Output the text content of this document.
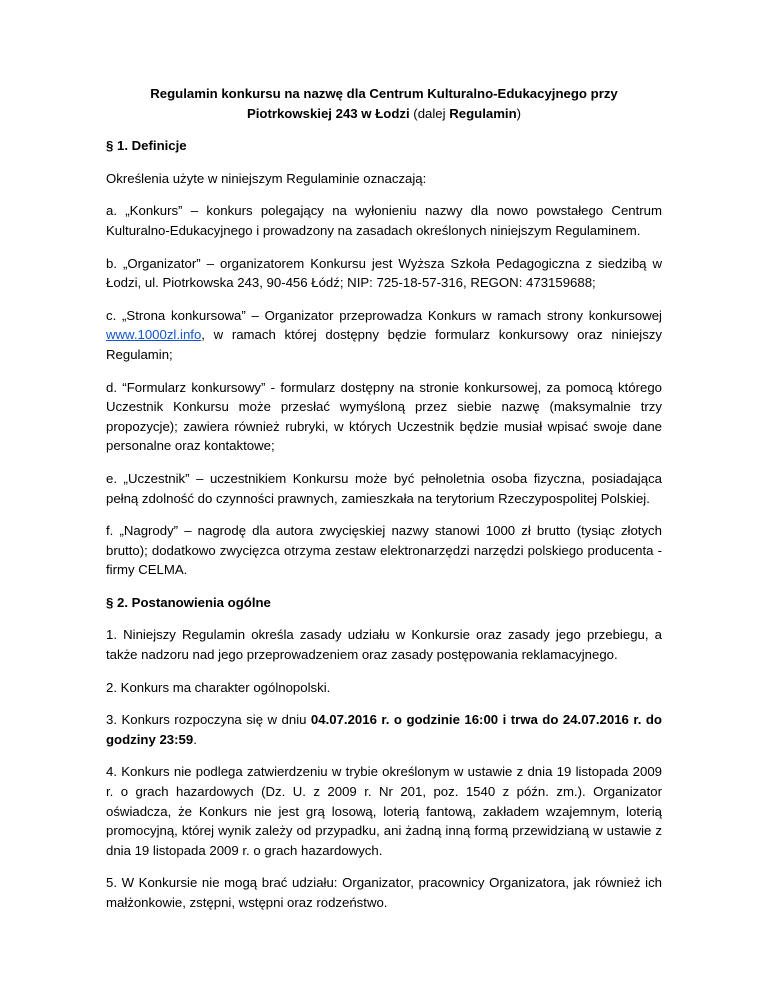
Regulamin konkursu na nazwę dla Centrum Kulturalno-Edukacyjnego przy Piotrkowskiej 243 w Łodzi (dalej Regulamin)
§ 1. Definicje
Określenia użyte w niniejszym Regulaminie oznaczają:
a. „Konkurs” – konkurs polegający na wyłonieniu nazwy dla nowo powstałego Centrum Kulturalno-Edukacyjnego i prowadzony na zasadach określonych niniejszym Regulaminem.
b. „Organizator” – organizatorem Konkursu jest Wyższa Szkoła Pedagogiczna z siedzibą w Łodzi, ul. Piotrkowska 243, 90-456 Łódź; NIP: 725-18-57-316, REGON: 473159688;
c. „Strona konkursowa” – Organizator przeprowadza Konkurs w ramach strony konkursowej www.1000zl.info, w ramach której dostępny będzie formularz konkursowy oraz niniejszy Regulamin;
d. “Formularz konkursowy” - formularz dostępny na stronie konkursowej, za pomocą którego Uczestnik Konkursu może przesłać wymyśloną przez siebie nazwę (maksymalnie trzy propozycje); zawiera również rubryki, w których Uczestnik będzie musiał wpisać swoje dane personalne oraz kontaktowe;
e. „Uczestnik” – uczestnikiem Konkursu może być pełnoletnia osoba fizyczna, posiadająca pełną zdolność do czynności prawnych, zamieszkała na terytorium Rzeczypospolitej Polskiej.
f. „Nagrody” – nagrodę dla autora zwycięskiej nazwy stanowi 1000 zł brutto (tysiąc złotych brutto); dodatkowo zwycięzca otrzyma zestaw elektronarzędzi narzędzi polskiego producenta - firmy CELMA.
§ 2. Postanowienia ogólne
1. Niniejszy Regulamin określa zasady udziału w Konkursie oraz zasady jego przebiegu, a także nadzoru nad jego przeprowadzeniem oraz zasady postępowania reklamacyjnego.
2. Konkurs ma charakter ogólnopolski.
3. Konkurs rozpoczyna się w dniu 04.07.2016 r. o godzinie 16:00 i trwa do 24.07.2016 r. do godziny 23:59.
4. Konkurs nie podlega zatwierdzeniu w trybie określonym w ustawie z dnia 19 listopada 2009 r. o grach hazardowych (Dz. U. z 2009 r. Nr 201, poz. 1540 z późn. zm.). Organizator oświadcza, że Konkurs nie jest grą losową, loterią fantową, zakładem wzajemnym, loterią promocyjną, której wynik zależy od przypadku, ani żadną inną formą przewidzianą w ustawie z dnia 19 listopada 2009 r. o grach hazardowych.
5. W Konkursie nie mogą brać udziału: Organizator, pracownicy Organizatora, jak również ich małżonkowie, zstępni, wstępni oraz rodzeństwo.
